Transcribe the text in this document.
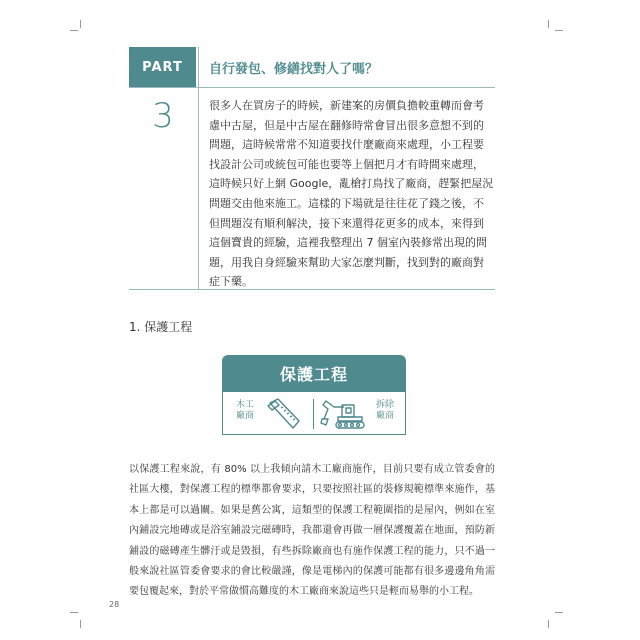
PART	自行發包、修繕找對人了嗎？
3	很多人在買房子的時候，新建案的房價負擔較重轉而會考慮中古屋，但是中古屋在翻修時常會冒出很多意想不到的問題，這時候常常不知道要找什麼廠商來處理，小工程要找設計公司或統包可能也要等上個把月才有時間來處理，這時候只好上網 Google，亂槍打鳥找了廠商，趕緊把屋況問題交由他來施工。這樣的下場就是往往花了錢之後，不但問題沒有順利解決，接下來還得花更多的成本，來得到這個寶貴的經驗，這裡我整理出 7 個室內裝修常出現的問題，用我自身經驗來幫助大家怎麼判斷，找到對的廠商對症下藥。
1. 保護工程
保護工程
木工廠商
拆除廠商
以保護工程來說，有 80% 以上我傾向請木工廠商施作，目前只要有成立管委會的社區大樓，對保護工程的標準都會要求，只要按照社區的裝修規範標準來施作，基本上都是可以過關。如果是舊公寓，這類型的保護工程範圍指的是屋內，例如在室內鋪設完地磚或是浴室鋪設完磁磚時，我都還會再做一層保護覆蓋在地面，預防新鋪設的磁磚產生髒汙或是毀損，有些拆除廠商也有施作保護工程的能力，只不過一般來說社區管委會要求的會比較嚴謹，像是電梯內的保護可能都有很多邊邊角角需要包覆起來，對於平常做慣高難度的木工廠商來說這些只是輕而易舉的小工程。
28
